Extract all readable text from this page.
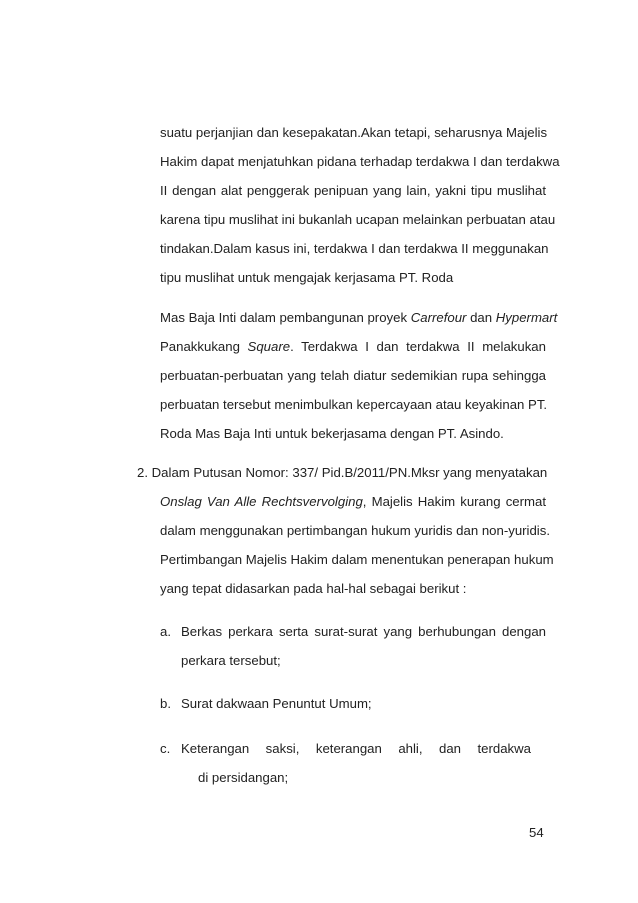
suatu perjanjian dan kesepakatan.Akan tetapi, seharusnya Majelis
Hakim dapat menjatuhkan pidana terhadap terdakwa I dan terdakwa
II dengan alat penggerak penipuan yang lain, yakni tipu muslihat
karena tipu muslihat ini bukanlah ucapan melainkan perbuatan atau
tindakan.Dalam kasus ini, terdakwa I dan terdakwa II meggunakan
tipu muslihat untuk mengajak kerjasama PT. Roda
Mas Baja Inti dalam pembangunan proyek Carrefour dan Hypermart
Panakkukang Square. Terdakwa I dan terdakwa II melakukan
perbuatan-perbuatan yang telah diatur sedemikian rupa sehingga
perbuatan tersebut menimbulkan kepercayaan atau keyakinan PT.
Roda Mas Baja Inti untuk bekerjasama dengan PT. Asindo.
2. Dalam Putusan Nomor: 337/ Pid.B/2011/PN.Mksr yang menyatakan
Onslag Van Alle Rechtsvervolging, Majelis Hakim kurang cermat
dalam menggunakan pertimbangan hukum yuridis dan non-yuridis.
Pertimbangan Majelis Hakim dalam menentukan penerapan hukum
yang tepat didasarkan pada hal-hal sebagai berikut :
a. Berkas perkara serta surat-surat yang berhubungan dengan
perkara tersebut;
b. Surat dakwaan Penuntut Umum;
c. Keterangan saksi, keterangan ahli, dan terdakwa
di persidangan;
54
